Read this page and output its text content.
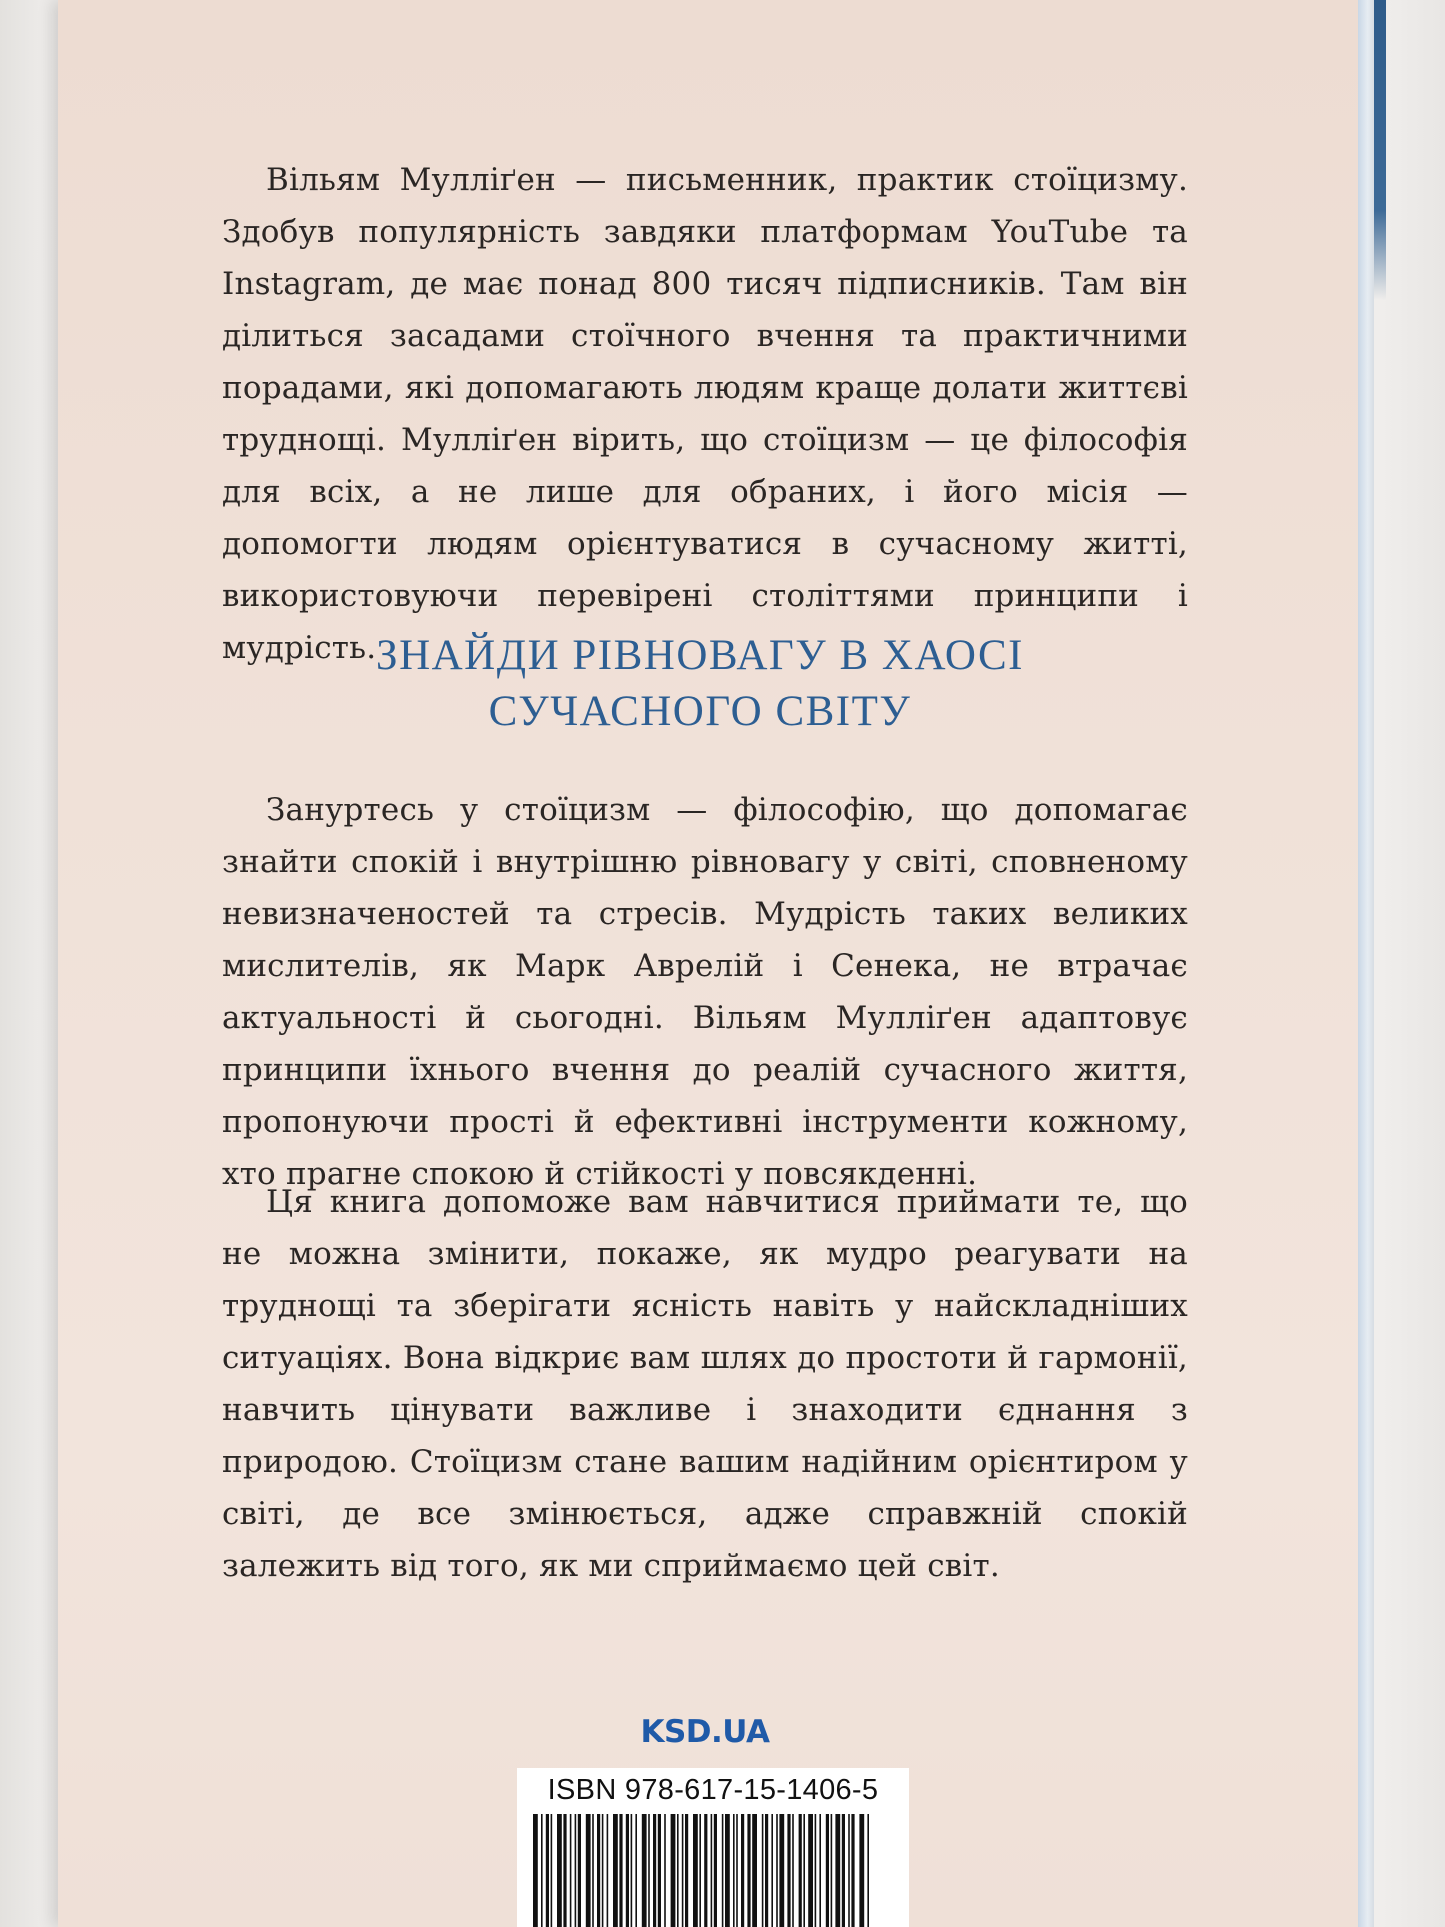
Вільям Мулліґен — письменник, практик стоїцизму. Здобув популярність завдяки платформам YouTube та Instagram, де має понад 800 тисяч підписників. Там він ділиться засадами стоїчного вчення та практичними порадами, які допомагають людям краще долати життєві труднощі. Мулліґен вірить, що стоїцизм — це філософія для всіх, а не лише для обраних, і його місія — допомогти людям орієнтуватися в сучасному житті, використовуючи перевірені століттями принципи і мудрість. ЗНАЙДИ РІВНОВАГУ В ХАОСІ
СУЧАСНОГО СВІТУ

Зануртесь у стоїцизм — філософію, що допомагає знайти спокій і внутрішню рівновагу у світі, сповненому невизначеностей та стресів. Мудрість таких великих мислителів, як Марк Аврелій і Сенека, не втрачає актуальності й сьогодні. Вільям Мулліґен адаптовує принципи їхнього вчення до реалій сучасного життя, пропонуючи прості й ефективні інструменти кожному, хто прагне спокою й стійкості у повсякденні.

Ця книга допоможе вам навчитися приймати те, що не можна змінити, покаже, як мудро реагувати на труднощі та зберігати ясність навіть у найскладніших ситуаціях. Вона відкриє вам шлях до простоти й гармонії, навчить цінувати важливе і знаходити єднання з природою. Стоїцизм стане вашим надійним орієнтиром у світі, де все змінюється, адже справжній спокій залежить від того, як ми сприймаємо цей світ.

KSD.UA
ISBN 978-617-15-1406-5
